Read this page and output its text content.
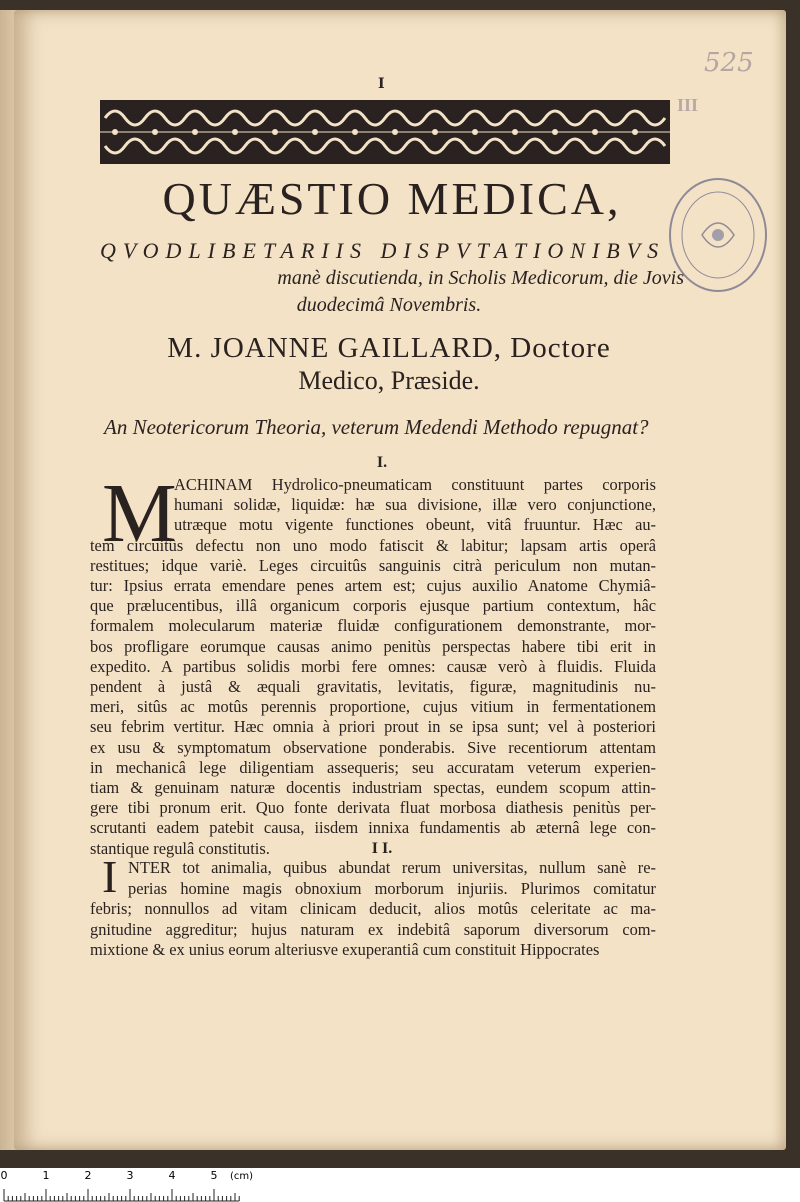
I
525
III
QUÆSTIO MEDICA,
QVODLIBETARIIS DISPVTATIONIBVS
manè discutienda, in Scholis Medicorum, die Jovis
duodecimâ Novembris.
M. JOANNE GAILLARD, Doctore
Medico, Præside.
An Neotericorum Theoria, veterum Medendi Methodo repugnat?
I.
M
ACHINAM Hydrolico-pneumaticam constituunt partes corporis
humani solidæ, liquidæ: hæ sua divisione, illæ vero conjunctione,
utræque motu vigente functiones obeunt, vitâ fruuntur. Hæc au-
tem circuitûs defectu non uno modo fatiscit & labitur; lapsam artis operâ
restitues; idque variè. Leges circuitûs sanguinis citrà periculum non mutan-
tur: Ipsius errata emendare penes artem est; cujus auxilio Anatome Chymiâ-
que prælucentibus, illâ organicum corporis ejusque partium contextum, hâc
formalem molecularum materiæ fluidæ configurationem demonstrante, mor-
bos profligare eorumque causas animo penitùs perspectas habere tibi erit in
expedito. A partibus solidis morbi fere omnes: causæ verò à fluidis. Fluida
pendent à justâ & æquali gravitatis, levitatis, figuræ, magnitudinis nu-
meri, sitûs ac motûs perennis proportione, cujus vitium in fermentationem
seu febrim vertitur. Hæc omnia à priori prout in se ipsa sunt; vel à posteriori
ex usu & symptomatum observatione ponderabis. Sive recentiorum attentam
in mechanicâ lege diligentiam assequeris; seu accuratam veterum experien-
tiam & genuinam naturæ docentis industriam spectas, eundem scopum attin-
gere tibi pronum erit. Quo fonte derivata fluat morbosa diathesis penitùs per-
scrutanti eadem patebit causa, iisdem innixa fundamentis ab æternâ lege con-
stantique regulâ constitutis.	I I.
I NTER tot animalia, quibus abundat rerum universitas, nullum sanè re-
perias homine magis obnoxium morborum injuriis. Plurimos comitatur
febris; nonnullos ad vitam clinicam deducit, alios motûs celeritate ac ma-
gnitudine aggreditur; hujus naturam ex indebitâ saporum diversorum com-
mixtione & ex unius eorum alteriusve exuperantiâ cum constituit Hippocrates
0	1	2	3	4	5 (cm)
